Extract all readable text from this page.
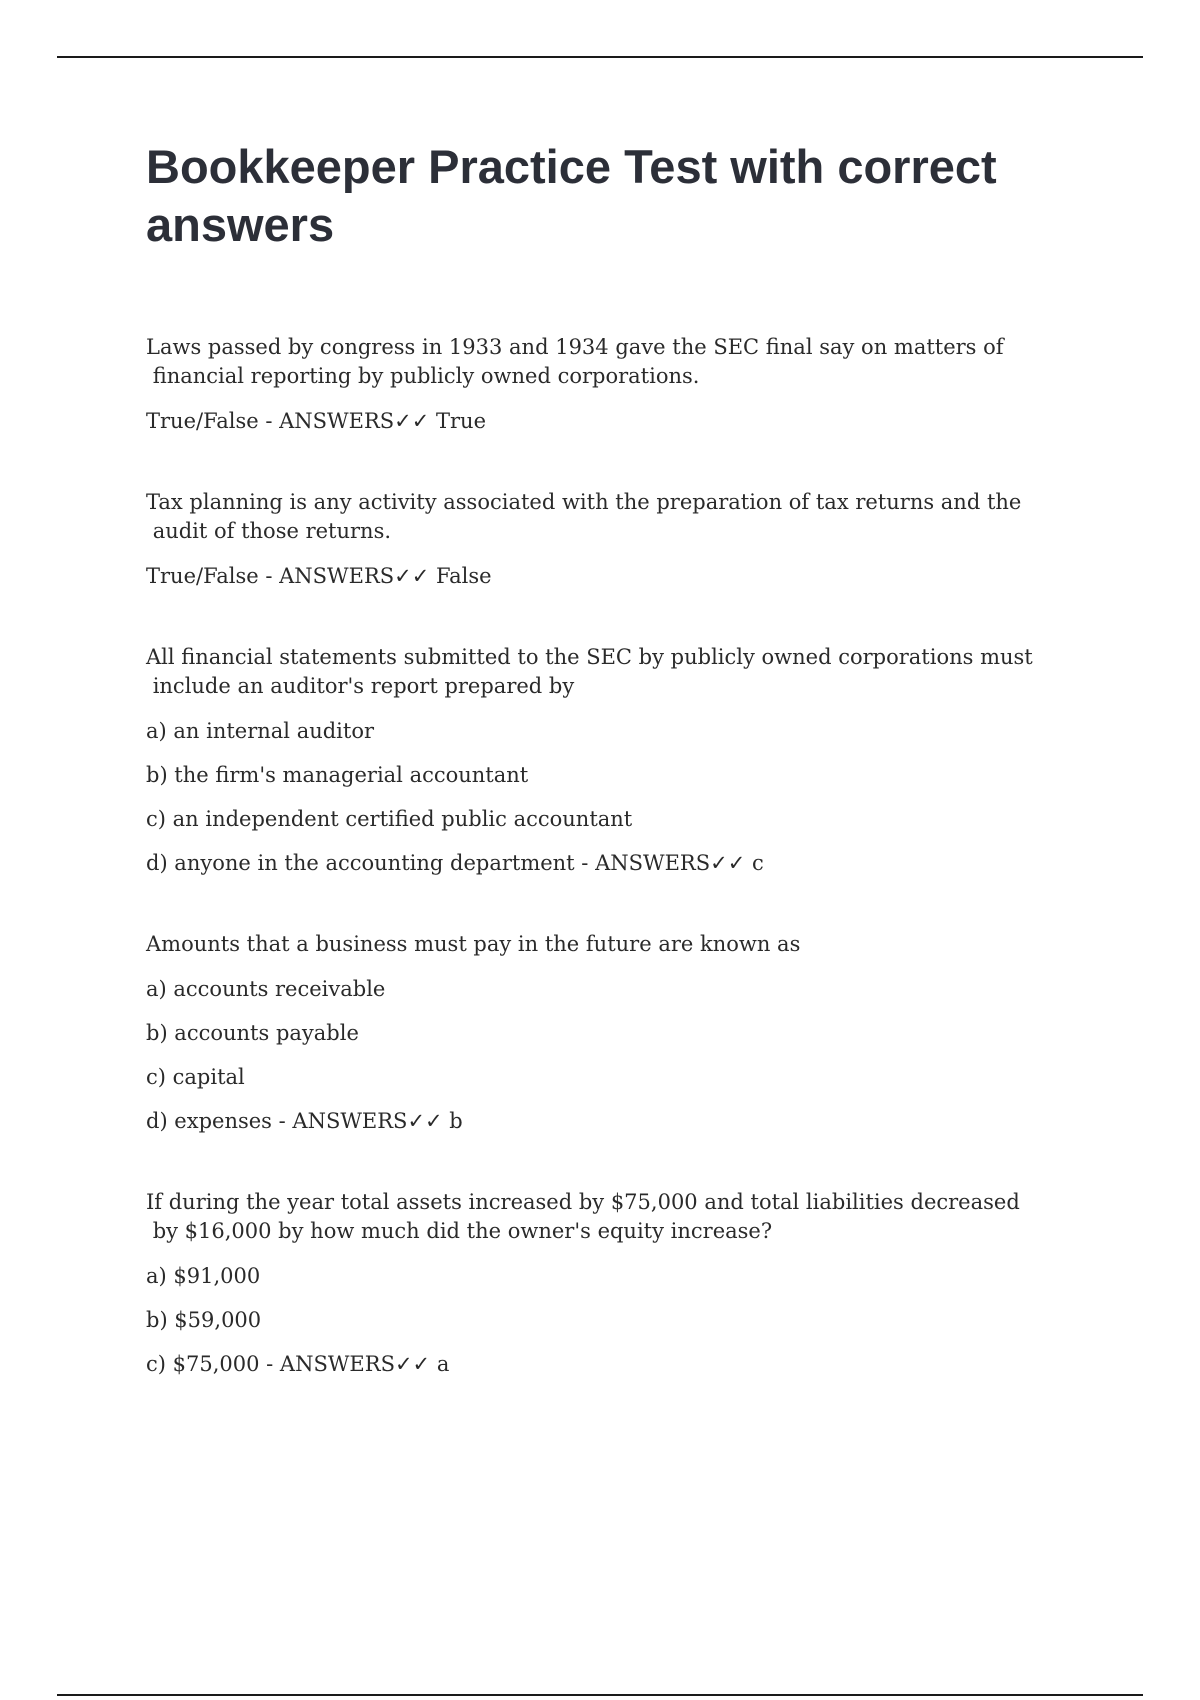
Bookkeeper Practice Test with correct answers

Laws passed by congress in 1933 and 1934 gave the SEC final say on matters of
financial reporting by publicly owned corporations.

True/False - ANSWERS✓✓ True

Tax planning is any activity associated with the preparation of tax returns and the
audit of those returns.

True/False - ANSWERS✓✓ False

All financial statements submitted to the SEC by publicly owned corporations must
include an auditor's report prepared by

a) an internal auditor

b) the firm's managerial accountant

c) an independent certified public accountant

d) anyone in the accounting department - ANSWERS✓✓ c

Amounts that a business must pay in the future are known as

a) accounts receivable

b) accounts payable

c) capital

d) expenses - ANSWERS✓✓ b

If during the year total assets increased by $75,000 and total liabilities decreased
by $16,000 by how much did the owner's equity increase?

a) $91,000

b) $59,000

c) $75,000 - ANSWERS✓✓ a
